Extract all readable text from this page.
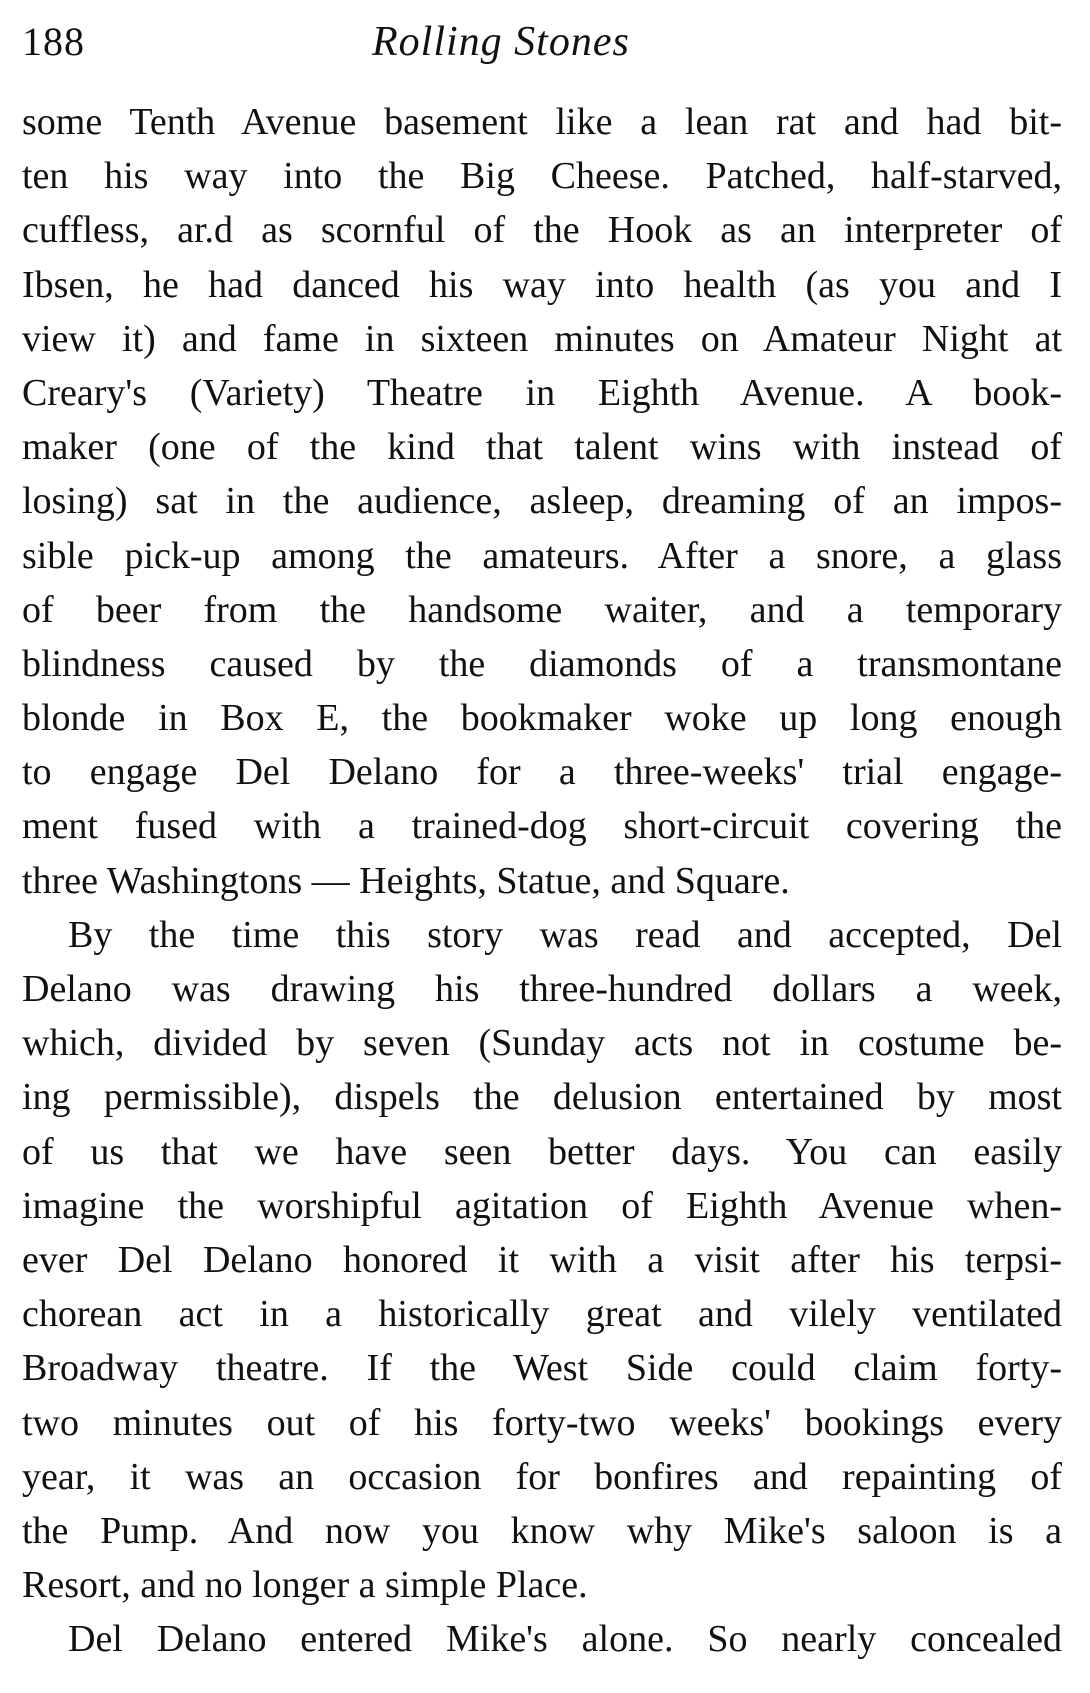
188	Rolling Stones
some Tenth Avenue basement like a lean rat and had bit-
ten his way into the Big Cheese. Patched, half-starved,
cuffless, ar.d as scornful of the Hook as an interpreter of
Ibsen, he had danced his way into health (as you and I
view it) and fame in sixteen minutes on Amateur Night at
Creary's (Variety) Theatre in Eighth Avenue. A book-
maker (one of the kind that talent wins with instead of
losing) sat in the audience, asleep, dreaming of an impos-
sible pick-up among the amateurs. After a snore, a glass
of beer from the handsome waiter, and a temporary
blindness caused by the diamonds of a transmontane
blonde in Box E, the bookmaker woke up long enough
to engage Del Delano for a three-weeks' trial engage-
ment fused with a trained-dog short-circuit covering the
three Washingtons — Heights, Statue, and Square.
By the time this story was read and accepted, Del
Delano was drawing his three-hundred dollars a week,
which, divided by seven (Sunday acts not in costume be-
ing permissible), dispels the delusion entertained by most
of us that we have seen better days. You can easily
imagine the worshipful agitation of Eighth Avenue when-
ever Del Delano honored it with a visit after his terpsi-
chorean act in a historically great and vilely ventilated
Broadway theatre. If the West Side could claim forty-
two minutes out of his forty-two weeks' bookings every
year, it was an occasion for bonfires and repainting of
the Pump. And now you know why Mike's saloon is a
Resort, and no longer a simple Place.
Del Delano entered Mike's alone. So nearly concealed
